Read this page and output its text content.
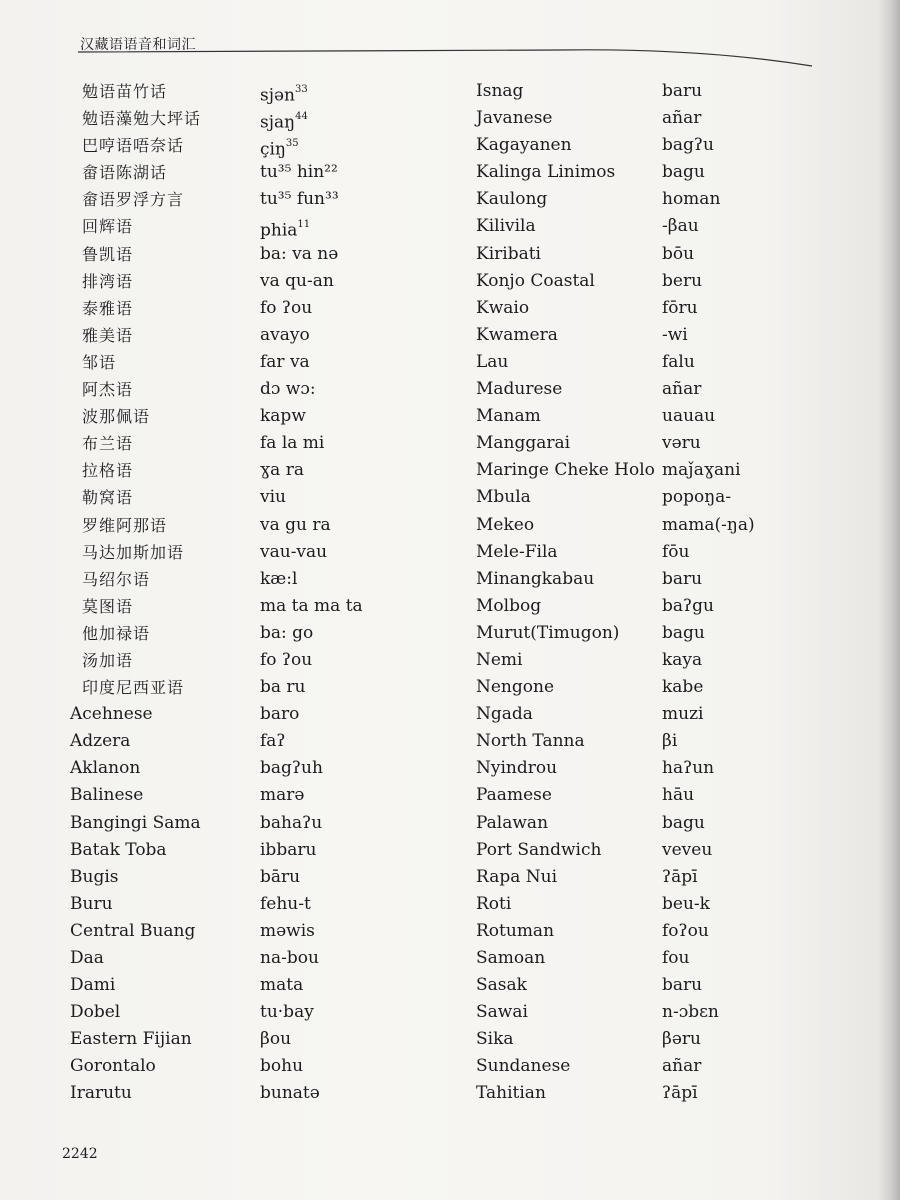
汉藏语语音和词汇
勉语苗竹话
勉语藻勉大坪话
巴哼语唔奈话
畲语陈湖话
畲语罗浮方言
回辉语
鲁凯语
排湾语
泰雅语
雅美语
邹语
阿杰语
波那佩语
布兰语
拉格语
勒窝语
罗维阿那语
马达加斯加语
马绍尔语
莫图语
他加禄语
汤加语
印度尼西亚语
Acehnese
Adzera
Aklanon
Balinese
Bangingi Sama
Batak Toba
Bugis
Buru
Central Buang
Daa
Dami
Dobel
Eastern Fijian
Gorontalo
Irarutu
sjən$^{33}$
sjaŋ$^{44}$
çiŋ$^{35}$
tu³⁵ hin²²
tu³⁵ fun³³
phia$^{11}$
ba: va nə
va qu-an
fo ʔou
avayo
far va
dɔ wɔ:
kapw
fa la mi
ɣa ra
viu
va gu ra
vau-vau
kæ:l
ma ta ma ta
ba: go
fo ʔou
ba ru
baro
faʔ
bagʔuh
marə
bahaʔu
ibbaru
bāru
fehu-t
məwis
na-bou
mata
tu·bay
βou
bohu
bunatə
Isnag
Javanese
Kagayanen
Kalinga Linimos
Kaulong
Kilivila
Kiribati
Konjo Coastal
Kwaio
Kwamera
Lau
Madurese
Manam
Manggarai
Maringe Cheke Holo
Mbula
Mekeo
Mele-Fila
Minangkabau
Molbog
Murut(Timugon)
Nemi
Nengone
Ngada
North Tanna
Nyindrou
Paamese
Palawan
Port Sandwich
Rapa Nui
Roti
Rotuman
Samoan
Sasak
Sawai
Sika
Sundanese
Tahitian
baru
añar
bagʔu
bagu
homan
-βau
bōu
beru
fōru
-wi
falu
añar
uauau
vəru
maǰaɣani
popoŋa-
mama(-ŋa)
fōu
baru
baʔgu
bagu
kaya
kabe
muzi
βi
haʔun
hāu
bagu
veveu
ʔāpī
beu-k
foʔou
fou
baru
n-ɔbɛn
βəru
añar
ʔāpī
2242
